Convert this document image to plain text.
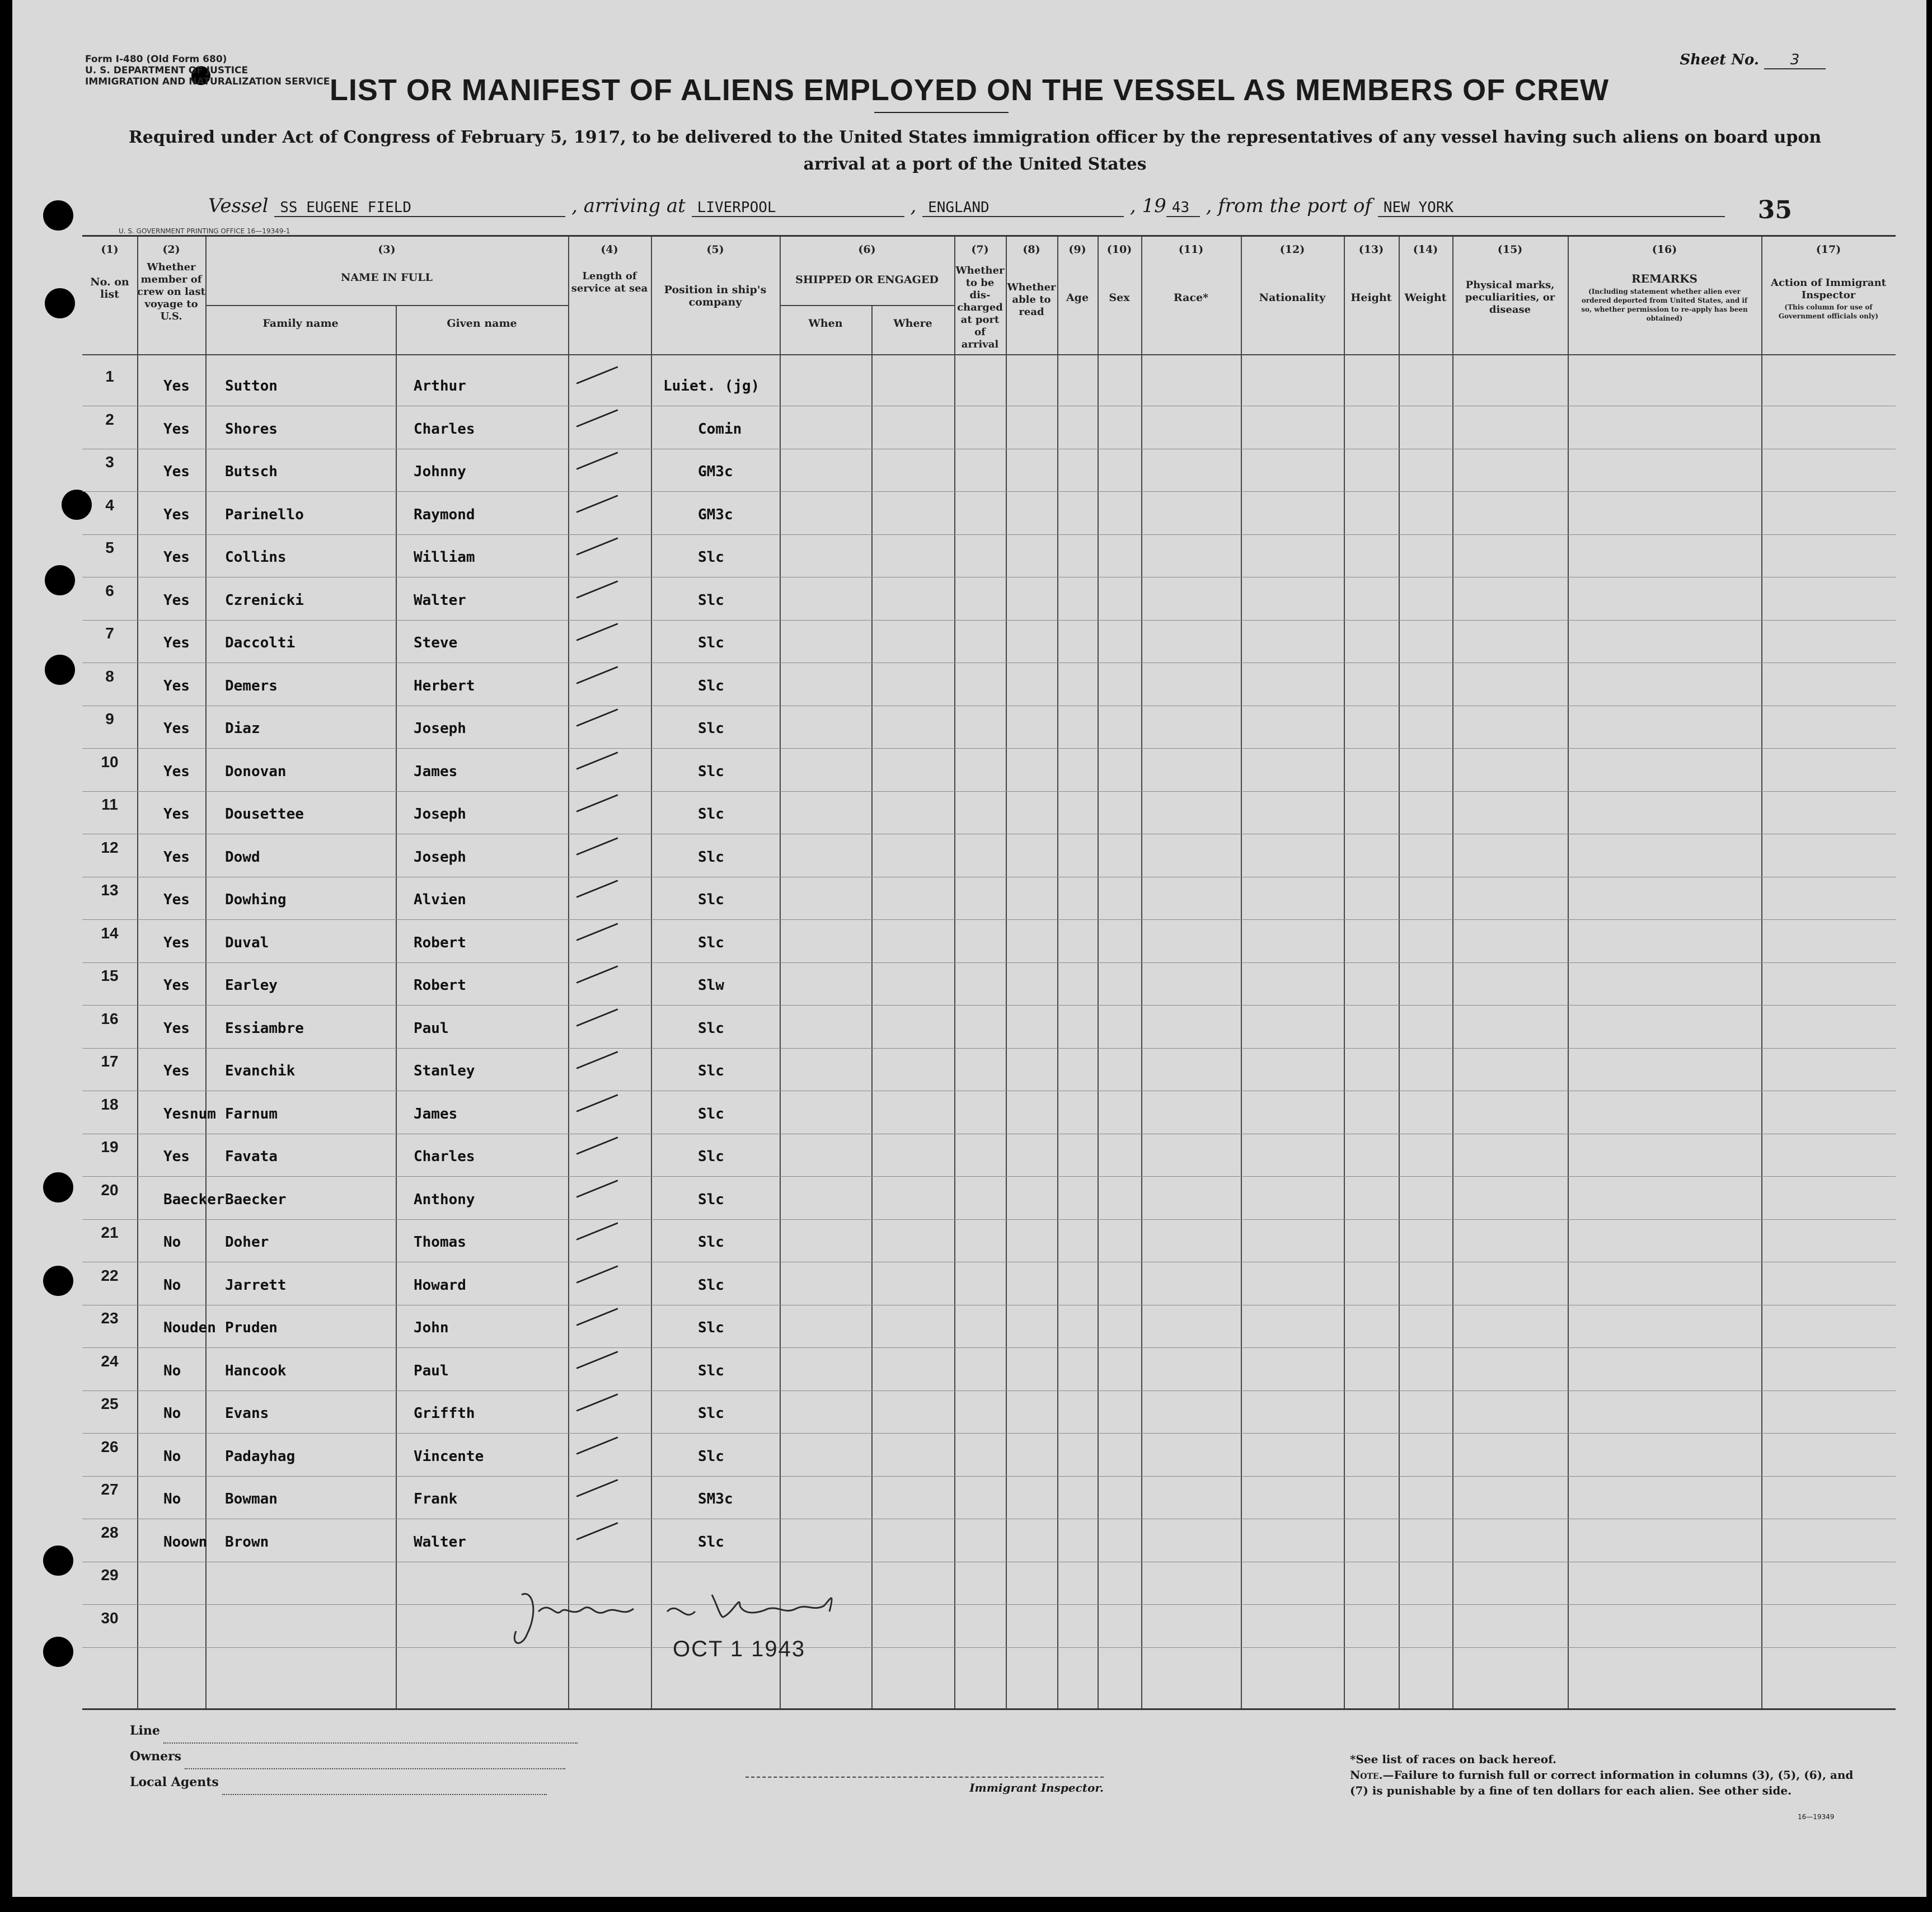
Form I-480 (Old Form 680)
U. S. DEPARTMENT OF JUSTICE
IMMIGRATION AND NATURALIZATION SERVICE
Sheet No. 3
LIST OR MANIFEST OF ALIENS EMPLOYED ON THE VESSEL AS MEMBERS OF CREW
Required under Act of Congress of February 5, 1917, to be delivered to the United States immigration officer by the representatives of any vessel having such aliens on board upon arrival at a port of the United States
Vessel SS EUGENE FIELD	, arriving at LIVERPOOL	, ENGLAND	, 19 43 , from the port of NEW YORK	35
U. S. GOVERNMENT PRINTING OFFICE 16—19349-1
No. on list
Whether member of crew on last voyage to U.S.
NAME IN FULL
Family name	Given name
Length of service at sea	Position in ship's company
SHIPPED OR ENGAGED
When	Where
Whether to be dis-charged at port of arrival
Whether able to read
Age	Sex	Race*	Nationality	Height	Weight
Physical marks, peculiarities, or disease
REMARKS
(Including statement whether alien ever ordered deported from United States, and if so, whether permission to re-apply has been obtained)
Action of Immigrant Inspector
(This column for use of Government officials only)
(1)	(2)	(3)	(4)	(5)	(6)	(7)	(8)	(9)	(10)	(11)	(12)	(13)	(14)	(15)	(16)	(17)
1
Yes Sutton	Arthur	Luiet. (jg)
2
Yes Shores	Charles	Comin
3
Yes Butsch	Johnny	GM3c
4
Yes Parinello	Raymond	GM3c
5
Yes Collins	William	Slc
6
Yes Czrenicki	Walter	Slc
7
Yes Daccolti	Steve	Slc
8
Yes Demers	Herbert	Slc
9
Yes Diaz	Joseph	Slc
10
Yes Donovan	James	Slc
11
Yes Dousettee	Joseph	Slc
12
Yes Dowd	Joseph	Slc
13
Yes Dowhing	Alvien	Slc
14
Yes Duval	Robert	Slc
15
Yes Earley	Robert	Slw
16
Yes Essiambre	Paul	Slc
17
Yes Evanchik	Stanley	Slc
18
Yesnum Farnum	James	Slc
19
Yes Favata	Charles	Slc
20
Baecker Baecker	Anthony	Slc
21
No	Doher	Thomas	Slc
22
No	Jarrett	Howard	Slc
23
Nouden Pruden	John	Slc
24
No	Hancook	Paul	Slc
25
No	Evans	Griffth	Slc
26
No	Padayhag	Vincente	Slc
27
No	Bowman	Frank	SM3c
28
Noown Brown	Walter	Slc
29
30
OCT 1 1943
Line
Owners
Local Agents	Immigrant Inspector.
*See list of races on back hereof.
Note.—Failure to furnish full or correct information in columns (3), (5), (6), and (7) is punishable by a fine of ten dollars for each alien. See other side.
16—19349
